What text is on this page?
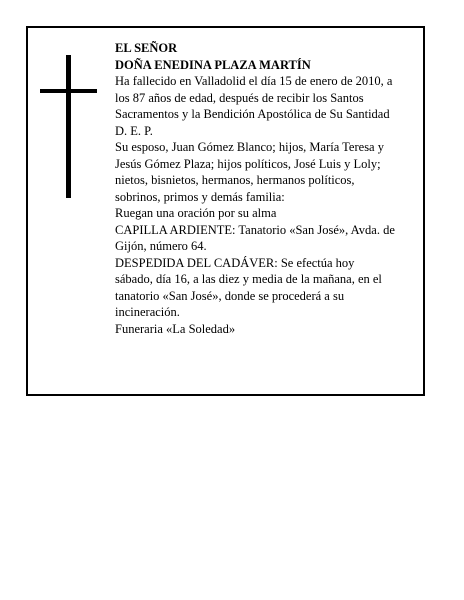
EL SEÑOR
DOÑA ENEDINA PLAZA MARTÍN
Ha fallecido en Valladolid el día 15 de enero de 2010, a
los 87 años de edad, después de recibir los Santos
Sacramentos y la Bendición Apostólica de Su Santidad
D. E. P.
Su esposo, Juan Gómez Blanco; hijos, María Teresa y
Jesús Gómez Plaza; hijos políticos, José Luis y Loly;
nietos, bisnietos, hermanos, hermanos políticos,
sobrinos, primos y demás familia:
Ruegan una oración por su alma
CAPILLA ARDIENTE: Tanatorio «San José», Avda. de
Gijón, número 64.
DESPEDIDA DEL CADÁVER: Se efectúa hoy
sábado, día 16, a las diez y media de la mañana, en el
tanatorio «San José», donde se procederá a su
incineración.
Funeraria «La Soledad»
